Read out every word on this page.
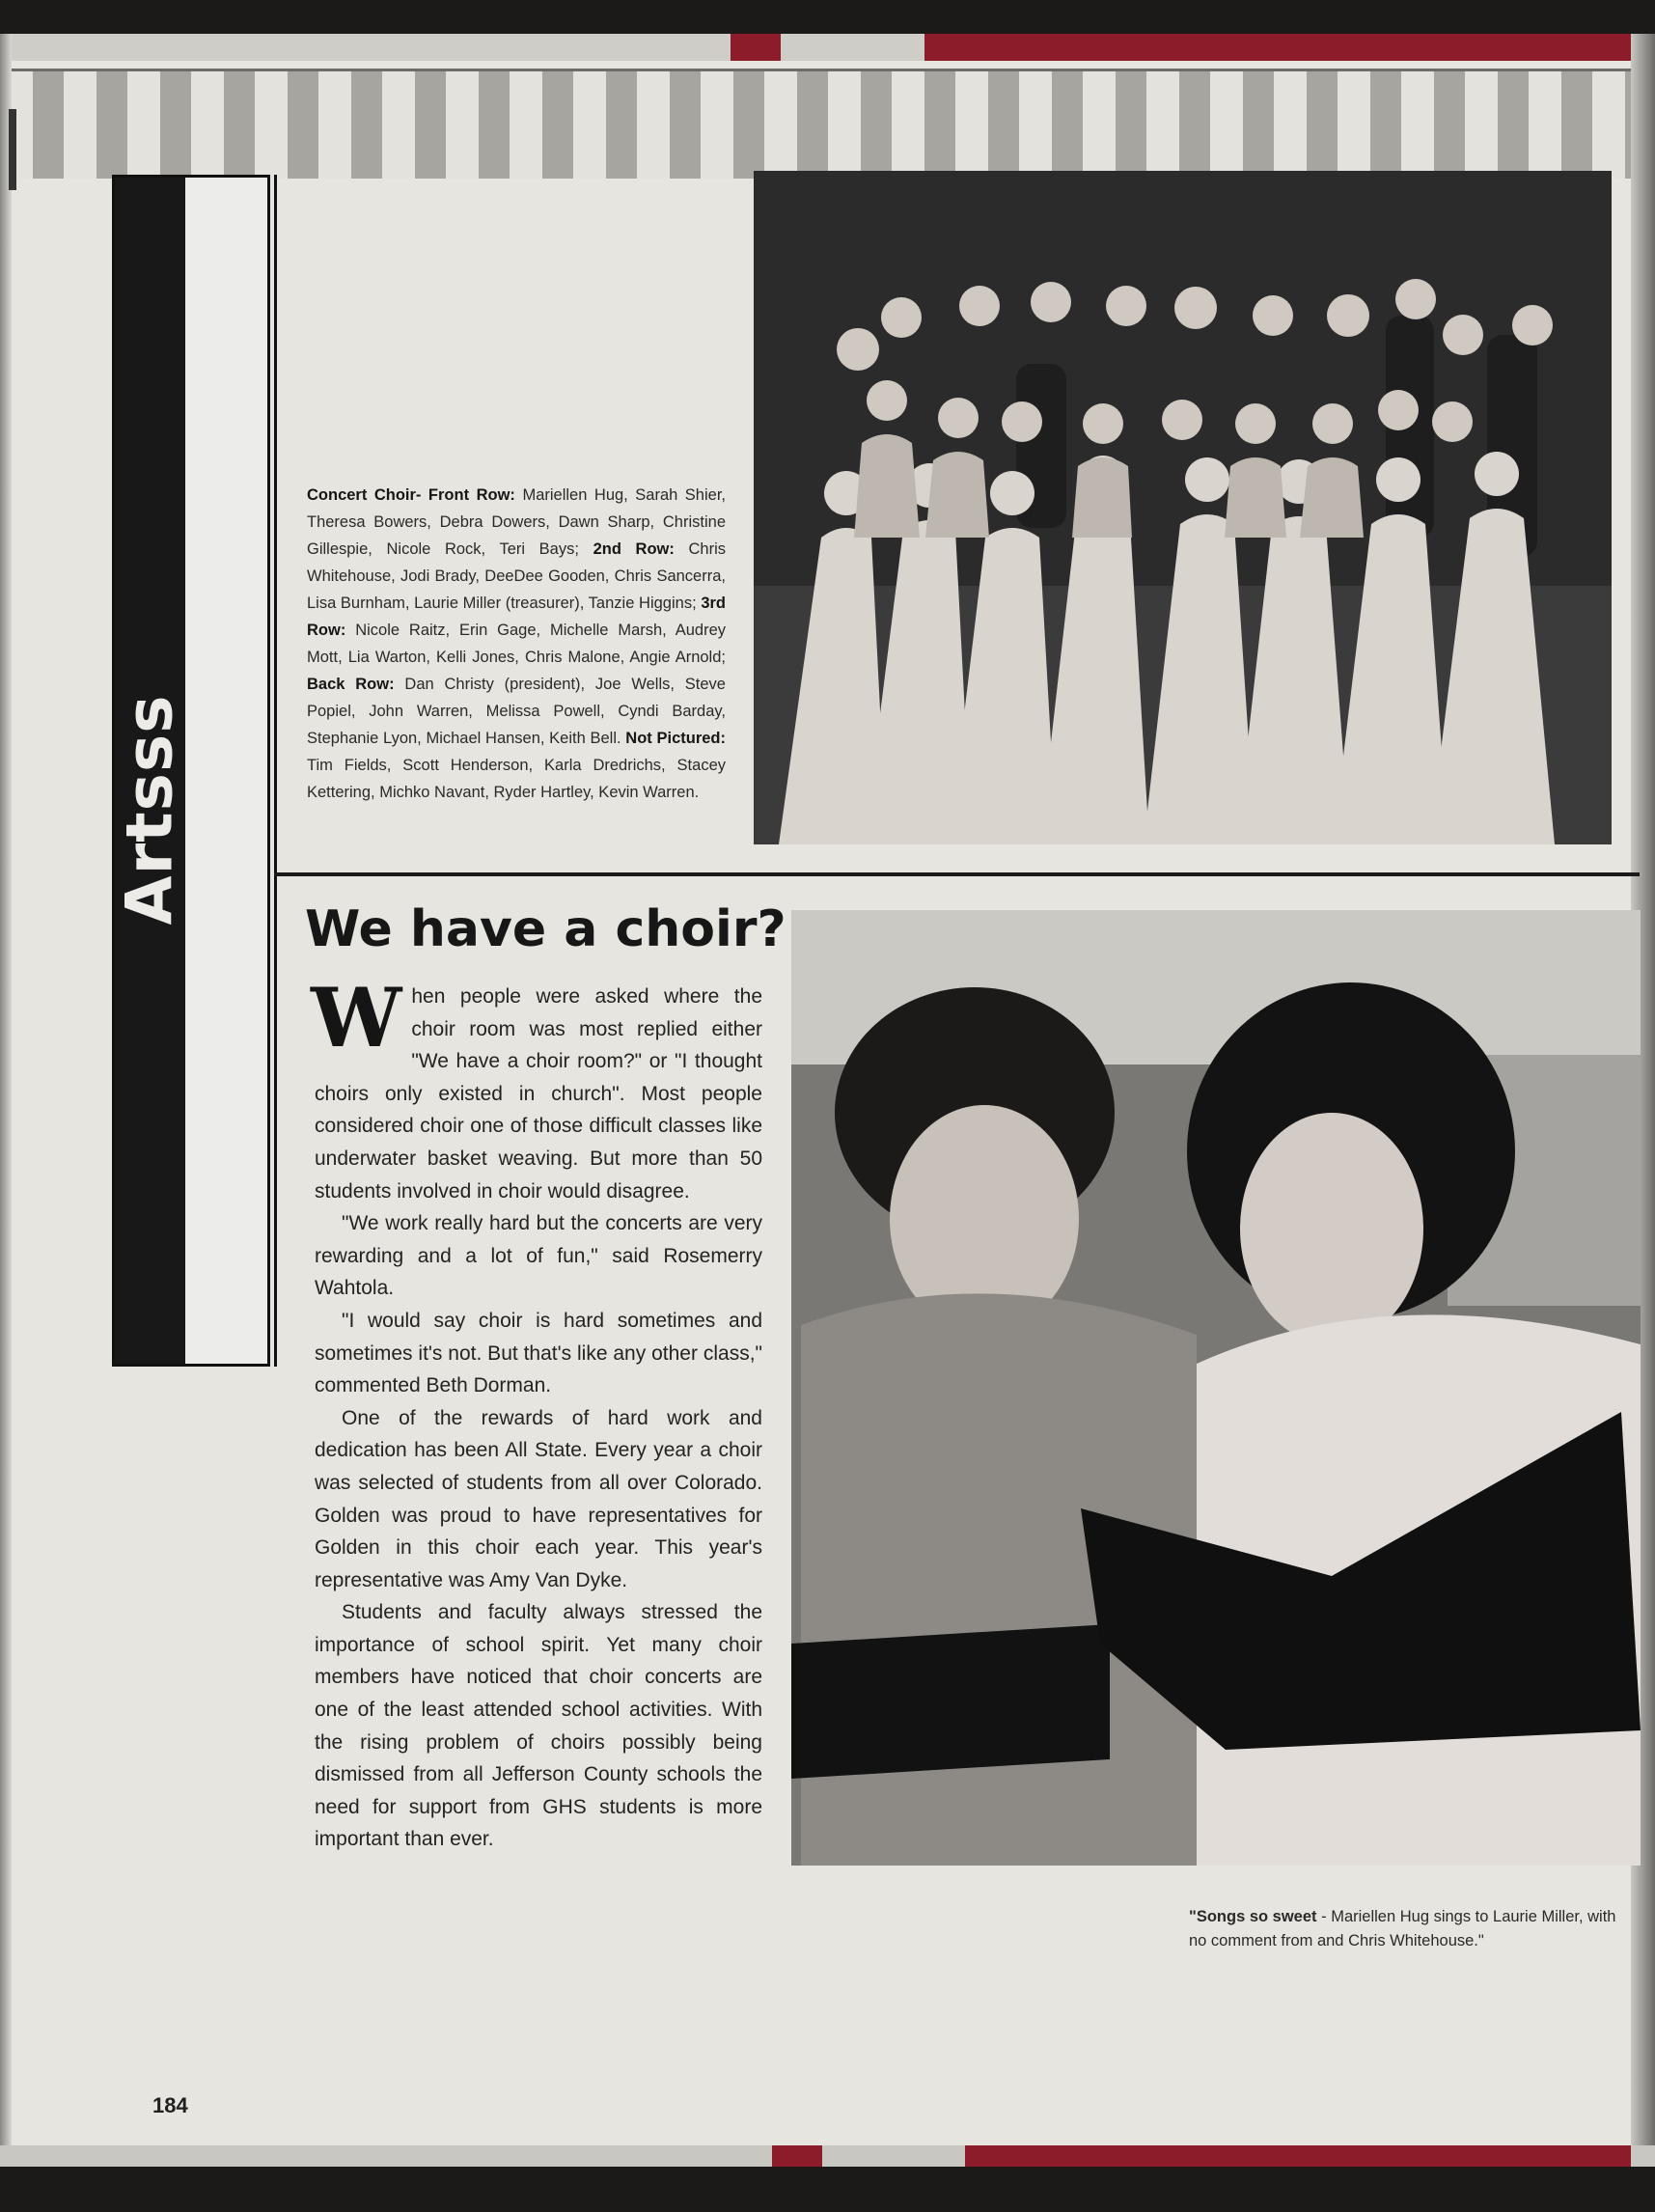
Artsss
Concert Choir- Front Row: Mariellen Hug, Sarah Shier, Theresa Bowers, Debra Dowers, Dawn Sharp, Christine Gillespie, Nicole Rock, Teri Bays; 2nd Row: Chris Whitehouse, Jodi Brady, DeeDee Gooden, Chris Sancerra, Lisa Burnham, Laurie Miller (treasurer), Tanzie Higgins; 3rd Row: Nicole Raitz, Erin Gage, Michelle Marsh, Audrey Mott, Lia Warton, Kelli Jones, Chris Malone, Angie Arnold; Back Row: Dan Christy (president), Joe Wells, Steve Popiel, John Warren, Melissa Powell, Cyndi Barday, Stephanie Lyon, Michael Hansen, Keith Bell. Not Pictured: Tim Fields, Scott Henderson, Karla Dredrichs, Stacey Kettering, Michko Navant, Ryder Hartley, Kevin Warren.
We have a choir?

When people were asked where the choir room was most replied either "We have a choir room?" or "I thought choirs only existed in church". Most people considered choir one of those difficult classes like underwater basket weaving. But more than 50 students involved in choir would disagree.

"We work really hard but the concerts are very rewarding and a lot of fun," said Rosemerry Wahtola.

"I would say choir is hard sometimes and sometimes it's not. But that's like any other class," commented Beth Dorman.

One of the rewards of hard work and dedication has been All State. Every year a choir was selected of students from all over Colorado. Golden was proud to have representatives for Golden in this choir each year. This year's representative was Amy Van Dyke.

Students and faculty always stressed the importance of school spirit. Yet many choir members have noticed that choir concerts are one of the least attended school activities. With the rising problem of choirs possibly being dismissed from all Jefferson County schools the need for support from GHS students is more important than ever.

"Songs so sweet - Mariellen Hug sings to Laurie Miller, with no comment from and Chris Whitehouse."
184
